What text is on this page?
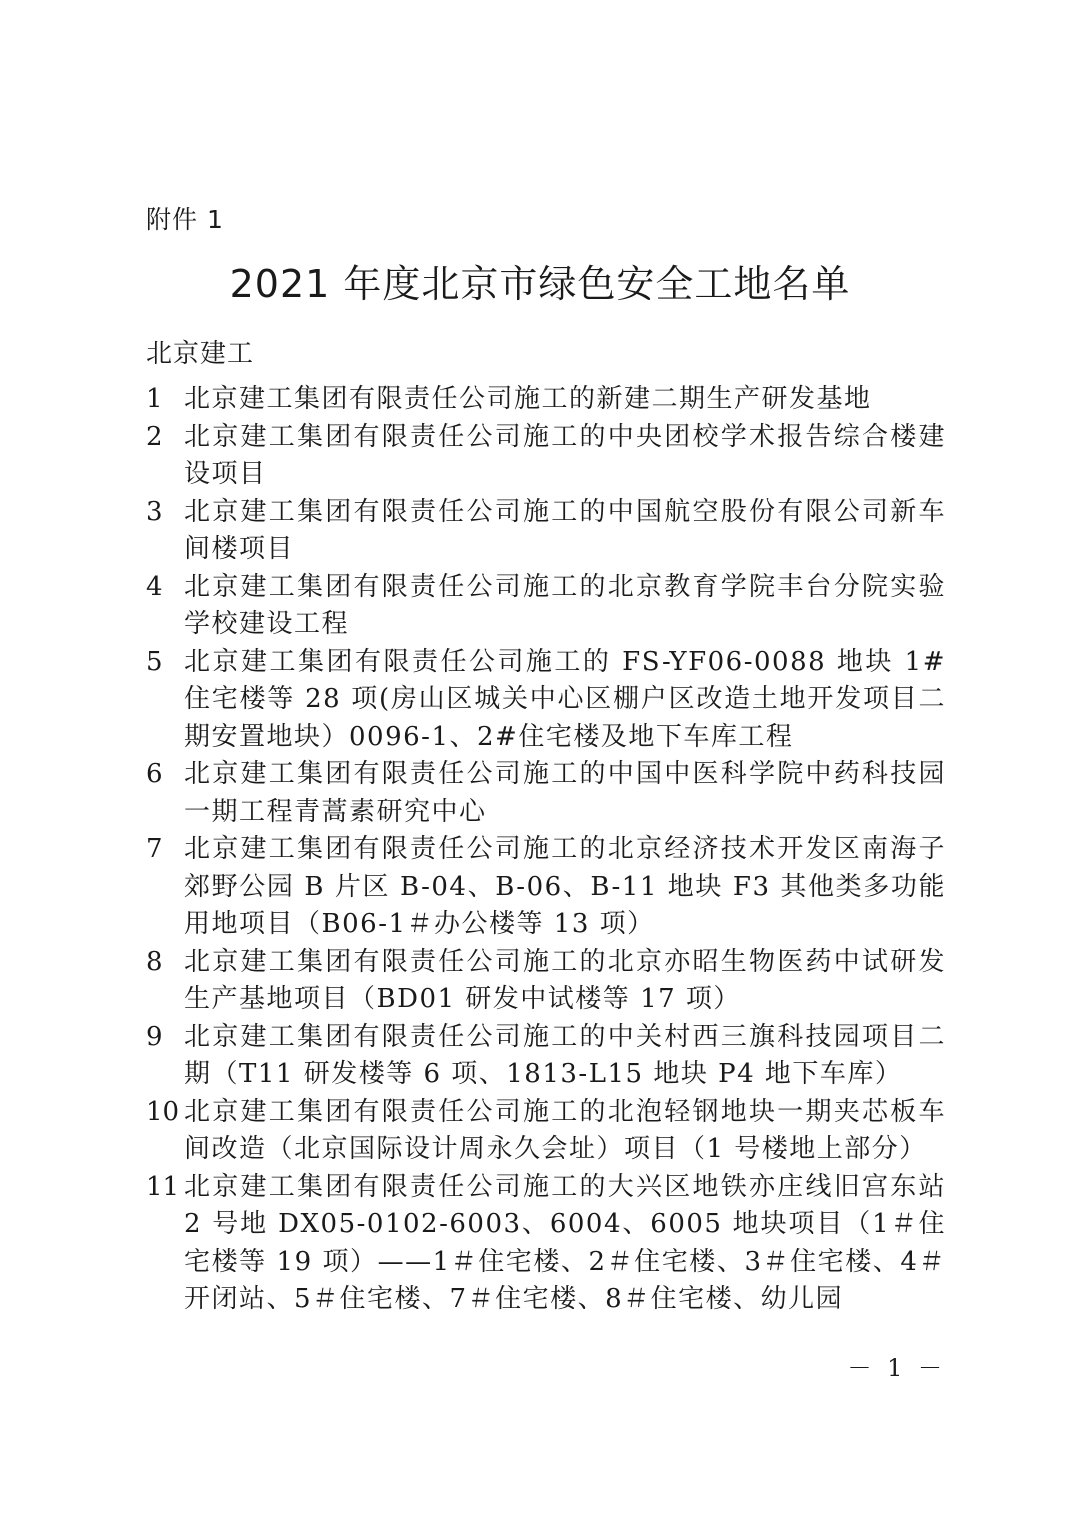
附件 1
2021 年度北京市绿色安全工地名单
北京建工
1 北京建工集团有限责任公司施工的新建二期生产研发基地
2 北京建工集团有限责任公司施工的中央团校学术报告综合楼建设项目
3 北京建工集团有限责任公司施工的中国航空股份有限公司新车间楼项目
4 北京建工集团有限责任公司施工的北京教育学院丰台分院实验学校建设工程
5 北京建工集团有限责任公司施工的 FS-YF06-0088 地块 1#住宅楼等 28 项(房山区城关中心区棚户区改造土地开发项目二期安置地块）0096-1、2#住宅楼及地下车库工程
6 北京建工集团有限责任公司施工的中国中医科学院中药科技园一期工程青蒿素研究中心
7 北京建工集团有限责任公司施工的北京经济技术开发区南海子郊野公园 B 片区 B-04、B-06、B-11 地块 F3 其他类多功能用地项目（B06-1＃办公楼等 13 项）
8 北京建工集团有限责任公司施工的北京亦昭生物医药中试研发生产基地项目（BD01 研发中试楼等 17 项）
9 北京建工集团有限责任公司施工的中关村西三旗科技园项目二期（T11 研发楼等 6 项、1813-L15 地块 P4 地下车库）
10 北京建工集团有限责任公司施工的北泡轻钢地块一期夹芯板车间改造（北京国际设计周永久会址）项目（1 号楼地上部分）
11 北京建工集团有限责任公司施工的大兴区地铁亦庄线旧宫东站 2 号地 DX05-0102-6003、6004、6005 地块项目（1＃住宅楼等 19 项）——1＃住宅楼、2＃住宅楼、3＃住宅楼、4＃开闭站、5＃住宅楼、7＃住宅楼、8＃住宅楼、幼儿园
－ 1 －
